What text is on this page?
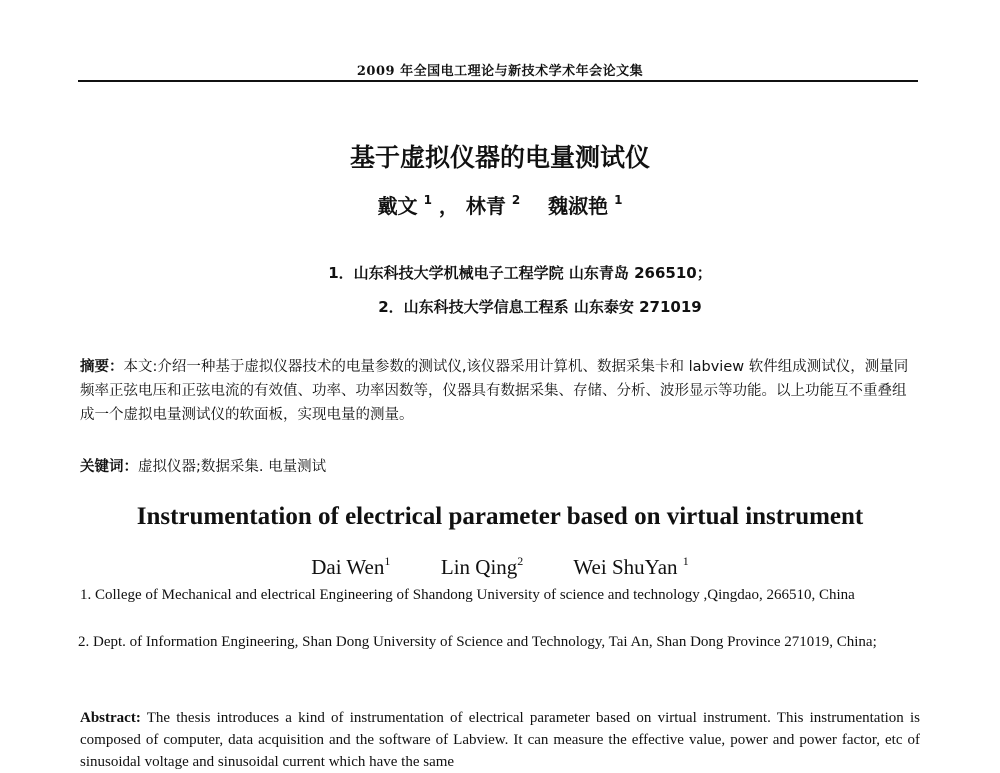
2009 年全国电工理论与新技术学术年会论文集
基于虚拟仪器的电量测试仪
戴文 $^1$ ， 林青 $^2$ 魏淑艳 $^1$
1．山东科技大学机械电子工程学院 山东青岛 266510；
2．山东科技大学信息工程系 山东泰安 271019
摘要：本文:介绍一种基于虚拟仪器技术的电量参数的测试仪,该仪器采用计算机、数据采集卡和 labview 软件组成测试仪，测量同频率正弦电压和正弦电流的有效值、功率、功率因数等，仪器具有数据采集、存储、分析、波形显示等功能。以上功能互不重叠组成一个虚拟电量测试仪的软面板，实现电量的测量。
关键词：虚拟仪器;数据采集. 电量测试
Instrumentation of electrical parameter based on virtual instrument
Dai Wen$^1$ Lin Qing$^2$ Wei ShuYan $^1$
1. College of Mechanical and electrical Engineering of Shandong University of science and technology ,Qingdao, 266510, China
2. Dept. of Information Engineering, Shan Dong University of Science and Technology, Tai An, Shan Dong Province 271019, China;
Abstract: The thesis introduces a kind of instrumentation of electrical parameter based on virtual instrument. This instrumentation is composed of computer, data acquisition and the software of Labview. It can measure the effective value, power and power factor, etc of sinusoidal voltage and sinusoidal current which have the same
